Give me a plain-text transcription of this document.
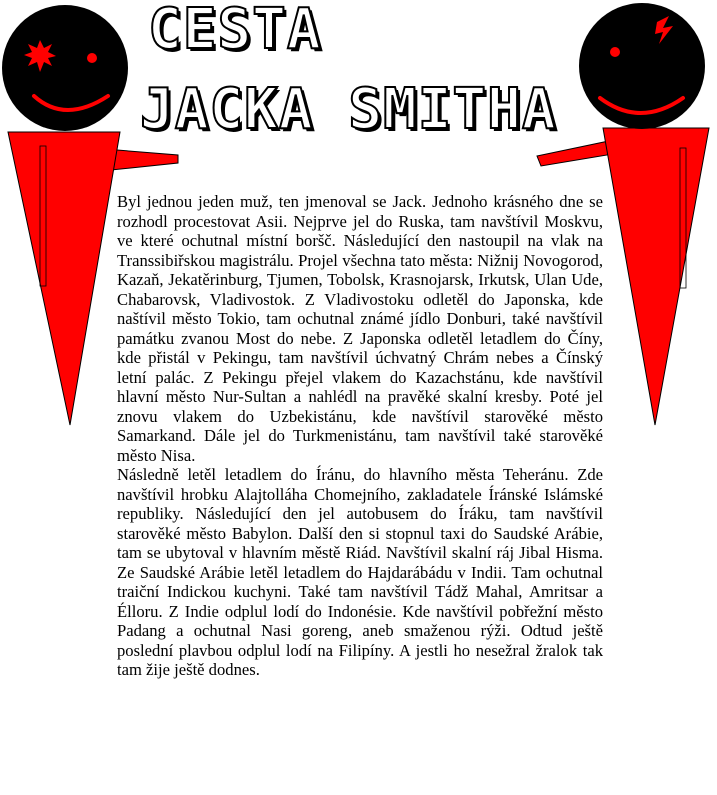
CESTA
JACKA SMITHA

Byl jednou jeden muž, ten jmenoval se Jack. Jednoho krásného dne se rozhodl procestovat Asii. Nejprve jel do Ruska, tam navštívil Moskvu, ve které ochutnal místní boršč. Následující den nastoupil na vlak na Transsibiřskou magistrálu. Projel všechna tato města: Nižnij Novogorod, Kazaň, Jekatěrinburg, Tjumen, Tobolsk, Krasnojarsk, Irkutsk, Ulan Ude, Chabarovsk, Vladivostok. Z Vladivostoku odletěl do Japonska, kde naštívil město Tokio, tam ochutnal známé jídlo Donburi, také navštívil památku zvanou Most do nebe. Z Japonska odletěl letadlem do Číny, kde přistál v Pekingu, tam navštívil úchvatný Chrám nebes a Čínský letní palác. Z Pekingu přejel vlakem do Kazachstánu, kde navštívil hlavní město Nur-Sultan a nahlédl na pravěké skalní kresby. Poté jel znovu vlakem do Uzbekistánu, kde navštívil starověké město Samarkand. Dále jel do Turkmenistánu, tam navštívil také starověké město Nisa.

Následně letěl letadlem do Íránu, do hlavního města Teheránu. Zde navštívil hrobku Alajtolláha Chomejního, zakladatele Íránské Islámské republiky. Následující den jel autobusem do Íráku, tam navštívil starověké město Babylon. Další den si stopnul taxi do Saudské Arábie, tam se ubytoval v hlavním městě Riád. Navštívil skalní ráj Jibal Hisma. Ze Saudské Arábie letěl letadlem do Hajdarábádu v Indii. Tam ochutnal traiční Indickou kuchyni. Také tam navštívil Tádž Mahal, Amritsar a Élloru. Z Indie odplul lodí do Indonésie. Kde navštívil pobřežní město Padang a ochutnal Nasi goreng, aneb smaženou rýži. Odtud ještě poslední plavbou odplul lodí na Filipíny. A jestli ho nesežral žralok tak tam žije ještě dodnes.
